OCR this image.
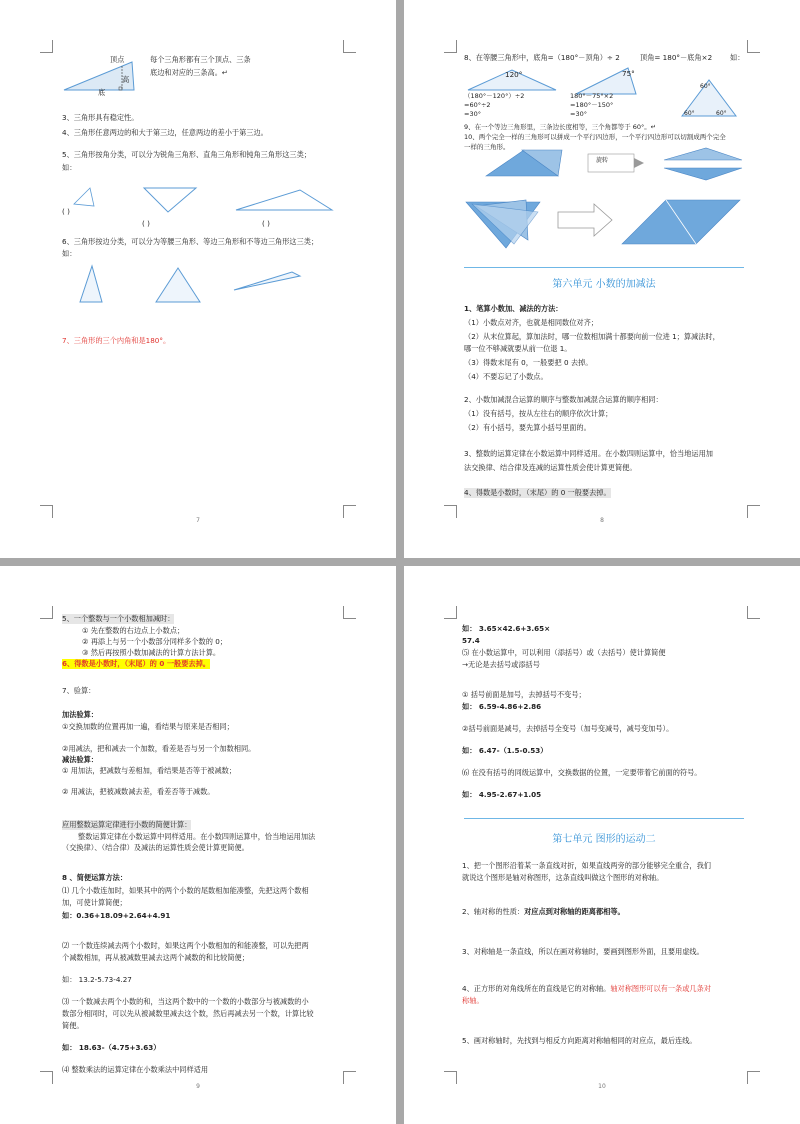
顶点
高
底
每个三角形都有三个顶点、三条
底边和对应的三条高。↵
3、三角形具有稳定性。
4、三角形任意两边的和大于第三边，任意两边的差小于第三边。
5、三角形按角分类，可以分为锐角三角形、直角三角形和钝角三角形这三类；
如：
( )
( )	( )
6、三角形按边分类，可以分为等腰三角形、等边三角形和不等边三角形这三类；
如：
7、三角形的三个内角和是180°。
7
8、在等腰三角形中，底角=（180°－顶角）÷ 2	顶角= 180°－底角×2 如：
120°	75°
60°
60°	60°
（180°－120°）÷2
=60°÷2
=30°
180°－75°×2
=180°－150°
=30°
9、在一个等边三角形里，三条边长度相等，三个角都等于 60°。↵
10、两个完全一样的三角形可以拼成一个平行四边形，一个平行四边形可以切割成两个完全
一样的三角形。
旋转
第六单元 小数的加减法
1、笔算小数加、减法的方法：
（1）小数点对齐，也就是相同数位对齐；
（2）从末位算起，算加法时，哪一位数相加满十都要向前一位进 1；算减法时，
哪一位不够减就要从前一位退 1。
（3）得数末尾有 0，一般要把 0 去掉。
（4）不要忘记了小数点。
2、小数加减混合运算的顺序与整数加减混合运算的顺序相同：
（1）没有括号，按从左往右的顺序依次计算；
（2）有小括号，要先算小括号里面的。
3、整数的运算定律在小数运算中同样适用。在小数四则运算中，恰当地运用加
法交换律、结合律及连减的运算性质会使计算更简便。
4、得数是小数时，（末尾）的 0 一般要去掉。
8
5、一个整数与一个小数相加减时：
① 先在整数的右边点上小数点；
② 再添上与另一个小数部分同样多个数的 0；
③ 然后再按照小数加减法的计算方法计算。
6、得数是小数时，（末尾）的 0 一般要去掉。
7、验算：
加法验算：
①交换加数的位置再加一遍，看结果与原来是否相同；
②用减法，把和减去一个加数，看差是否与另一个加数相同。
减法验算：
① 用加法，把减数与差相加，看结果是否等于被减数；
② 用减法，把被减数减去差，看差否等于减数。
应用整数运算定律进行小数的简便计算：
整数运算定律在小数运算中同样适用。在小数四则运算中，恰当地运用加法
（交换律）、（结合律）及减法的运算性质会使计算更简便。
8 、简便运算方法：
⑴ 几个小数连加时，如果其中的两个小数的尾数相加能凑整，先把这两个数相
加，可使计算简便；
如：0.36+18.09+2.64+4.91
⑵ 一个数连续减去两个小数时，如果这两个小数相加的和能凑整，可以先把两
个减数相加，再从被减数里减去这两个减数的和比较简便；
如： 13.2-5.73-4.27
⑶ 一个数减去两个小数的和，当这两个数中的一个数的小数部分与被减数的小
数部分相同时，可以先从被减数里减去这个数，然后再减去另一个数，计算比较
简便。
如： 18.63-（4.75+3.63）
⑷ 整数乘法的运算定律在小数乘法中同样适用
9
如： 3.65×42.6+3.65×
57.4
⑸ 在小数运算中，可以利用（添括号）或（去括号）使计算简便
→无论是去括号或添括号
① 括号前面是加号，去掉括号不变号；
如： 6.59-4.86+2.86
②括号前面是减号，去掉括号全变号（加号变减号，减号变加号）。
如： 6.47-（1.5-0.53）
⑹ 在没有括号的同级运算中，交换数据的位置，一定要带着它前面的符号。
如： 4.95-2.67+1.05
第七单元 图形的运动二
1、把一个图形沿着某一条直线对折，如果直线两旁的部分能够完全重合，我们
就说这个图形是轴对称图形，这条直线叫做这个图形的对称轴。
2、轴对称的性质：对应点到对称轴的距离都相等。
3、对称轴是一条直线，所以在画对称轴时，要画到图形外面，且要用虚线。
4、正方形的对角线所在的直线是它的对称轴。轴对称图形可以有一条或几条对
称轴。
5、画对称轴时，先找到与相反方向距离对称轴相同的对应点，最后连线。
10
